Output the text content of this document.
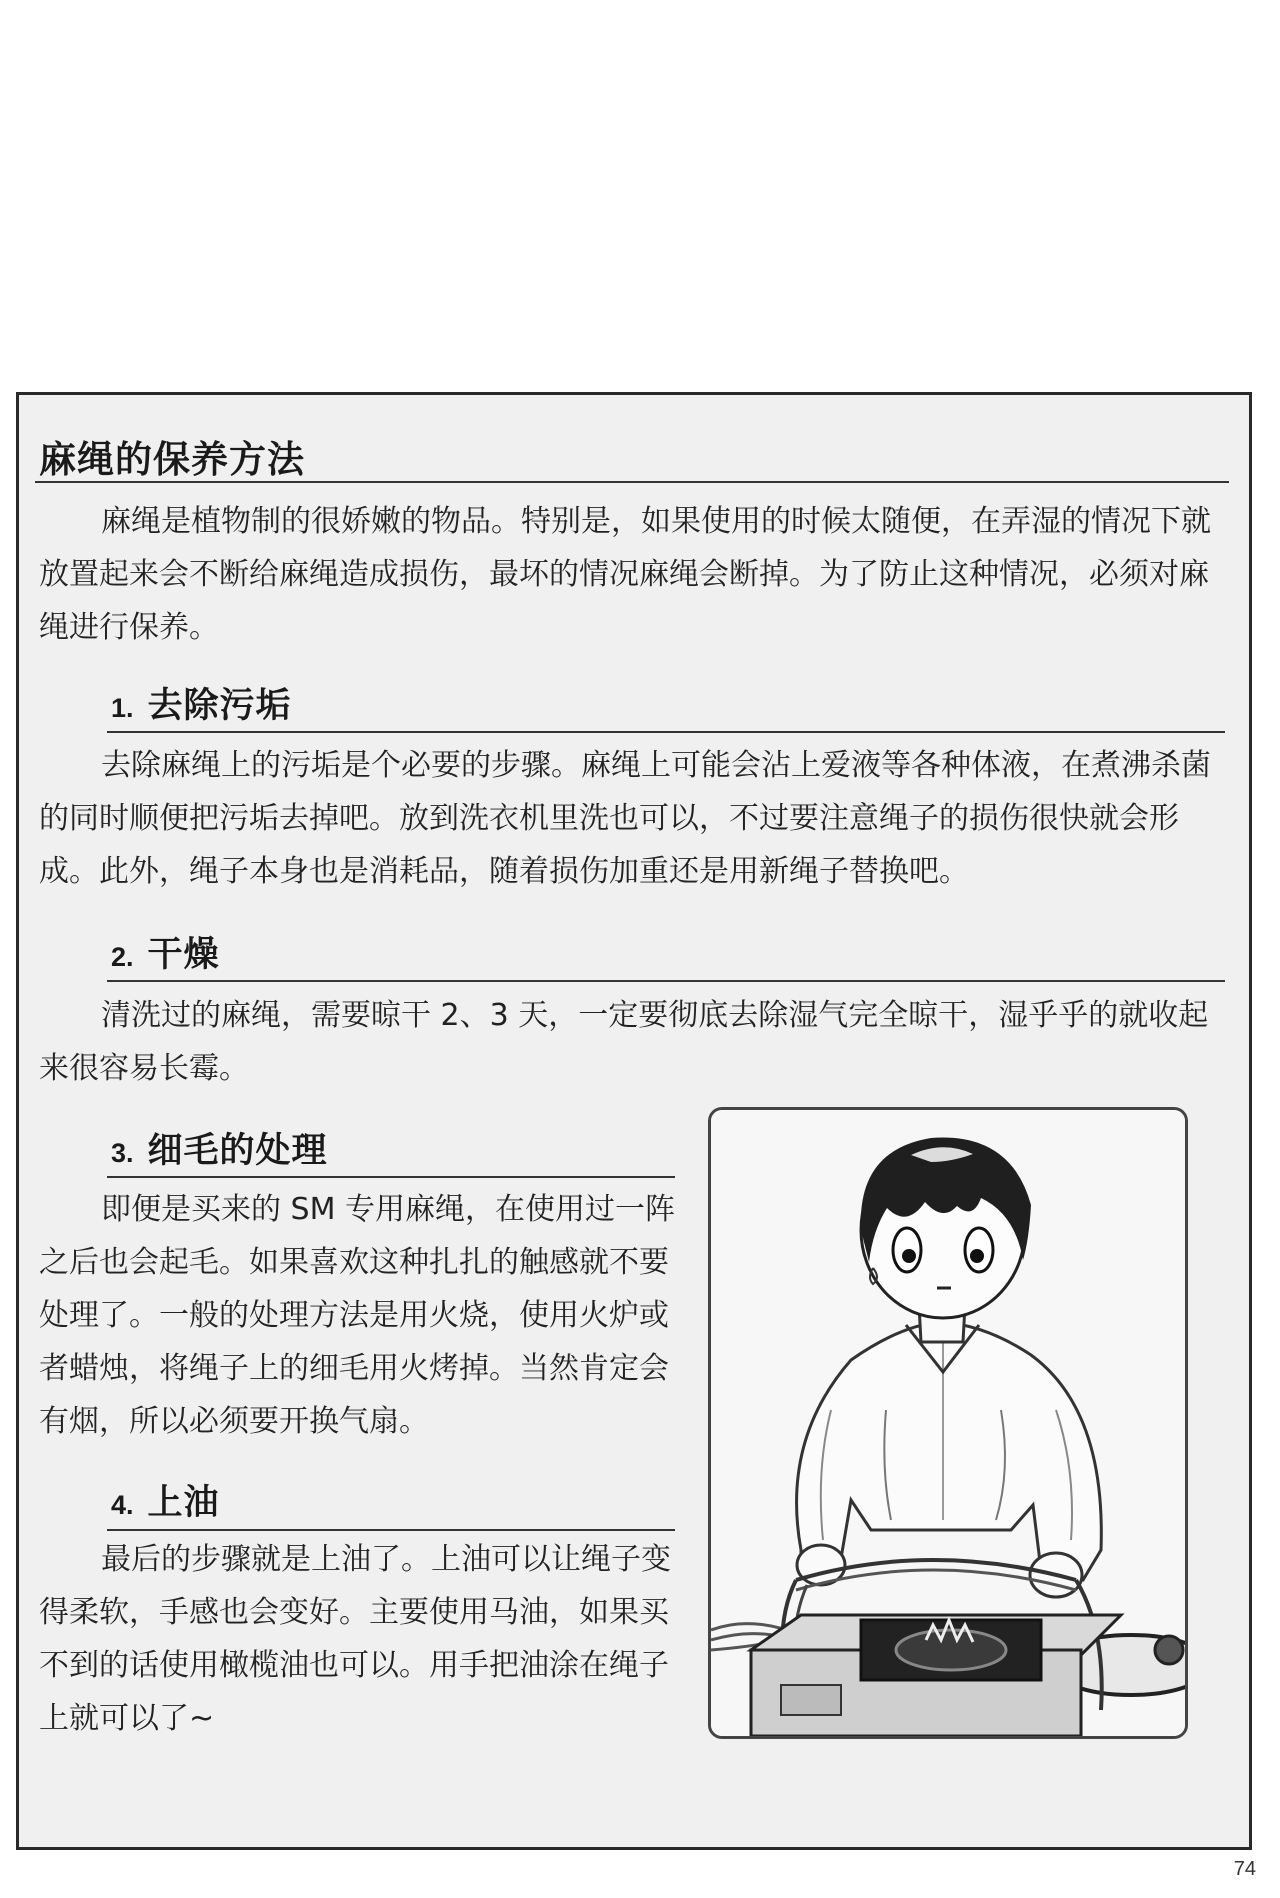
麻绳的保养方法

麻绳是植物制的很娇嫩的物品。特别是，如果使用的时候太随便，在弄湿的情况下就放置起来会不断给麻绳造成损伤，最坏的情况麻绳会断掉。为了防止这种情况，必须对麻绳进行保养。

1. 去除污垢

去除麻绳上的污垢是个必要的步骤。麻绳上可能会沾上爱液等各种体液，在煮沸杀菌的同时顺便把污垢去掉吧。放到洗衣机里洗也可以，不过要注意绳子的损伤很快就会形成。此外，绳子本身也是消耗品，随着损伤加重还是用新绳子替换吧。

2. 干燥

清洗过的麻绳，需要晾干 2、3 天，一定要彻底去除湿气完全晾干，湿乎乎的就收起来很容易长霉。

3. 细毛的处理

即便是买来的 SM 专用麻绳，在使用过一阵之后也会起毛。如果喜欢这种扎扎的触感就不要处理了。一般的处理方法是用火烧，使用火炉或者蜡烛，将绳子上的细毛用火烤掉。当然肯定会有烟，所以必须要开换气扇。

4. 上油

最后的步骤就是上油了。上油可以让绳子变得柔软，手感也会变好。主要使用马油，如果买不到的话使用橄榄油也可以。用手把油涂在绳子上就可以了~

74
